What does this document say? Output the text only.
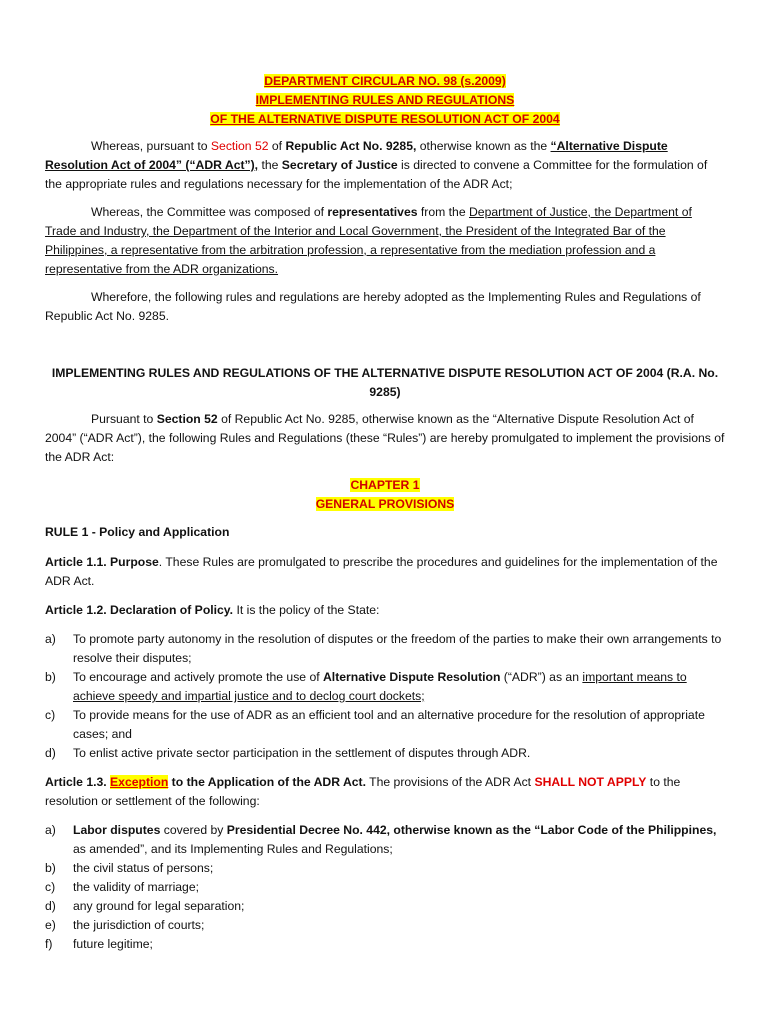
DEPARTMENT CIRCULAR NO. 98 (s.2009)
IMPLEMENTING RULES AND REGULATIONS
OF THE ALTERNATIVE DISPUTE RESOLUTION ACT OF 2004

Whereas, pursuant to Section 52 of Republic Act No. 9285, otherwise known as the “Alternative Dispute Resolution Act of 2004” (“ADR Act”), the Secretary of Justice is directed to convene a Committee for the formulation of the appropriate rules and regulations necessary for the implementation of the ADR Act;

Whereas, the Committee was composed of representatives from the Department of Justice, the Department of Trade and Industry, the Department of the Interior and Local Government, the President of the Integrated Bar of the Philippines, a representative from the arbitration profession, a representative from the mediation profession and a representative from the ADR organizations.

Wherefore, the following rules and regulations are hereby adopted as the Implementing Rules and Regulations of Republic Act No. 9285.

IMPLEMENTING RULES AND REGULATIONS OF THE ALTERNATIVE DISPUTE RESOLUTION ACT OF 2004 (R.A. No. 9285)

Pursuant to Section 52 of Republic Act No. 9285, otherwise known as the “Alternative Dispute Resolution Act of 2004” (“ADR Act”), the following Rules and Regulations (these “Rules”) are hereby promulgated to implement the provisions of the ADR Act:

CHAPTER 1
GENERAL PROVISIONS

RULE 1 - Policy and Application

Article 1.1. Purpose. These Rules are promulgated to prescribe the procedures and guidelines for the implementation of the ADR Act.

Article 1.2. Declaration of Policy. It is the policy of the State:

a) To promote party autonomy in the resolution of disputes or the freedom of the parties to make their own arrangements to resolve their disputes;
b) To encourage and actively promote the use of Alternative Dispute Resolution (“ADR”) as an important means to achieve speedy and impartial justice and to declog court dockets;
c) To provide means for the use of ADR as an efficient tool and an alternative procedure for the resolution of appropriate cases; and
d) To enlist active private sector participation in the settlement of disputes through ADR.

Article 1.3. Exception to the Application of the ADR Act. The provisions of the ADR Act SHALL NOT APPLY to the resolution or settlement of the following:

a) Labor disputes covered by Presidential Decree No. 442, otherwise known as the “Labor Code of the Philippines, as amended”, and its Implementing Rules and Regulations;
b) the civil status of persons;
c) the validity of marriage;
d) any ground for legal separation;
e) the jurisdiction of courts;
f) future legitime;
